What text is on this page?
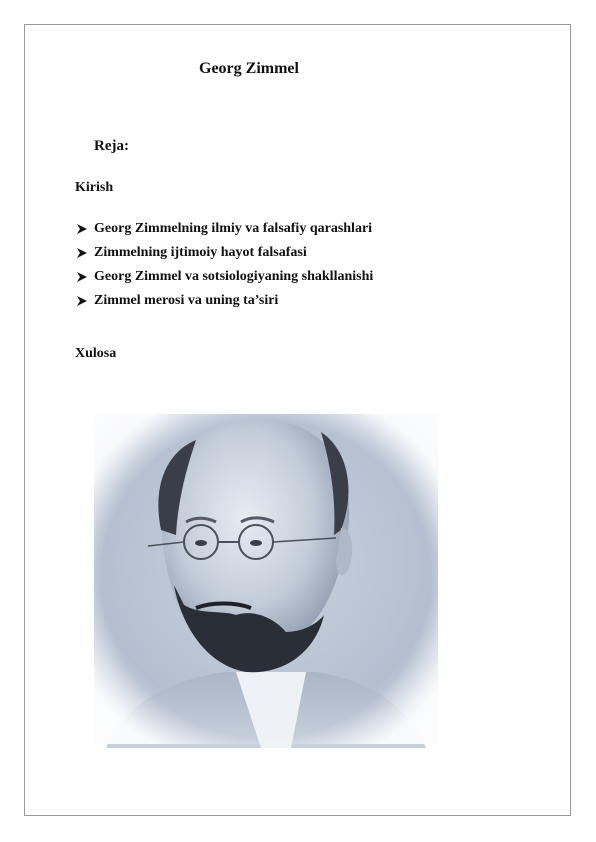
Georg Zimmel
Reja:
Kirish
Georg Zimmelning ilmiy va falsafiy qarashlari
Zimmelning ijtimoiy hayot falsafasi
Georg Zimmel va sotsiologiyaning shakllanishi
Zimmel merosi va uning ta’siri
Xulosa
